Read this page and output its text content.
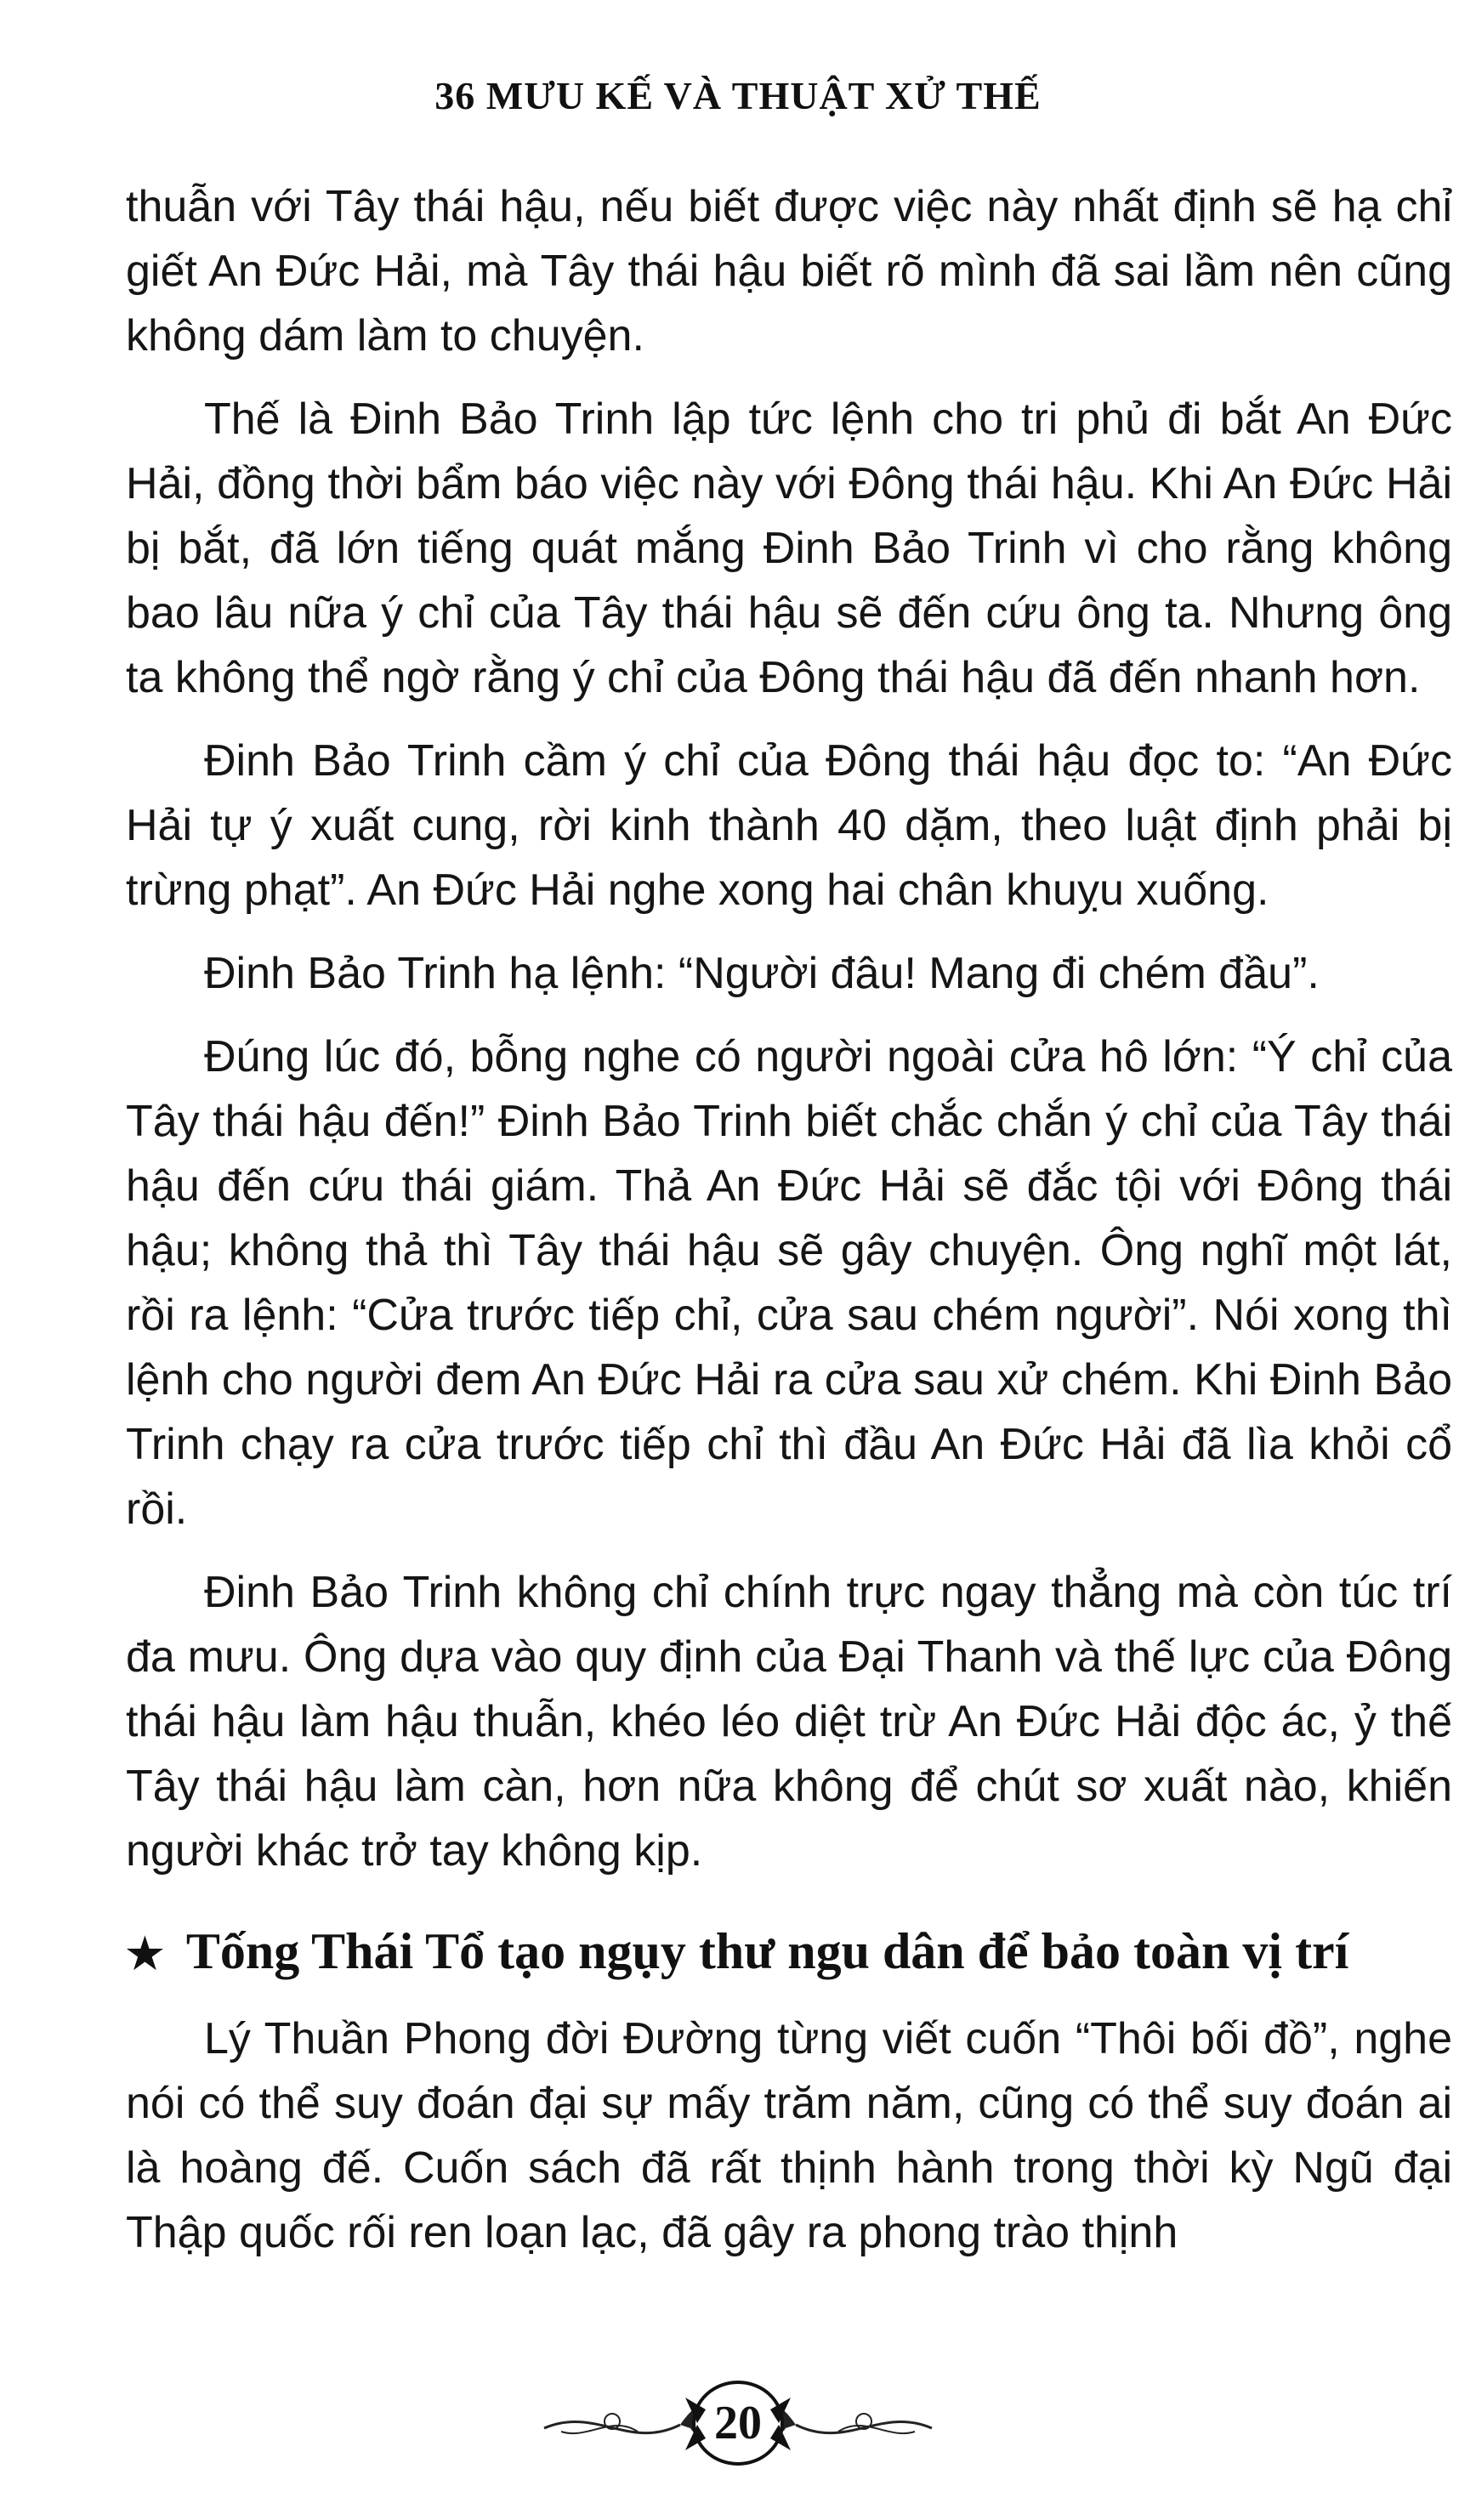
36 MƯU KẾ VÀ THUẬT XỬ THẾ

thuẫn với Tây thái hậu, nếu biết được việc này nhất định sẽ hạ chỉ giết An Đức Hải, mà Tây thái hậu biết rõ mình đã sai lầm nên cũng không dám làm to chuyện.

Thế là Đinh Bảo Trinh lập tức lệnh cho tri phủ đi bắt An Đức Hải, đồng thời bẩm báo việc này với Đông thái hậu. Khi An Đức Hải bị bắt, đã lớn tiếng quát mắng Đinh Bảo Trinh vì cho rằng không bao lâu nữa ý chỉ của Tây thái hậu sẽ đến cứu ông ta. Nhưng ông ta không thể ngờ rằng ý chỉ của Đông thái hậu đã đến nhanh hơn.

Đinh Bảo Trinh cầm ý chỉ của Đông thái hậu đọc to: “An Đức Hải tự ý xuất cung, rời kinh thành 40 dặm, theo luật định phải bị trừng phạt”. An Đức Hải nghe xong hai chân khuỵu xuống.

Đinh Bảo Trinh hạ lệnh: “Người đâu! Mang đi chém đầu”.

Đúng lúc đó, bỗng nghe có người ngoài cửa hô lớn: “Ý chỉ của Tây thái hậu đến!” Đinh Bảo Trinh biết chắc chắn ý chỉ của Tây thái hậu đến cứu thái giám. Thả An Đức Hải sẽ đắc tội với Đông thái hậu; không thả thì Tây thái hậu sẽ gây chuyện. Ông nghĩ một lát, rồi ra lệnh: “Cửa trước tiếp chỉ, cửa sau chém người”. Nói xong thì lệnh cho người đem An Đức Hải ra cửa sau xử chém. Khi Đinh Bảo Trinh chạy ra cửa trước tiếp chỉ thì đầu An Đức Hải đã lìa khỏi cổ rồi.

Đinh Bảo Trinh không chỉ chính trực ngay thẳng mà còn túc trí đa mưu. Ông dựa vào quy định của Đại Thanh và thế lực của Đông thái hậu làm hậu thuẫn, khéo léo diệt trừ An Đức Hải độc ác, ỷ thế Tây thái hậu làm càn, hơn nữa không để chút sơ xuất nào, khiến người khác trở tay không kịp.

★ Tống Thái Tổ tạo ngụy thư ngu dân để bảo toàn vị trí

Lý Thuần Phong đời Đường từng viết cuốn “Thôi bối đồ”, nghe nói có thể suy đoán đại sự mấy trăm năm, cũng có thể suy đoán ai là hoàng đế. Cuốn sách đã rất thịnh hành trong thời kỳ Ngũ đại Thập quốc rối ren loạn lạc, đã gây ra phong trào thịnh

20
